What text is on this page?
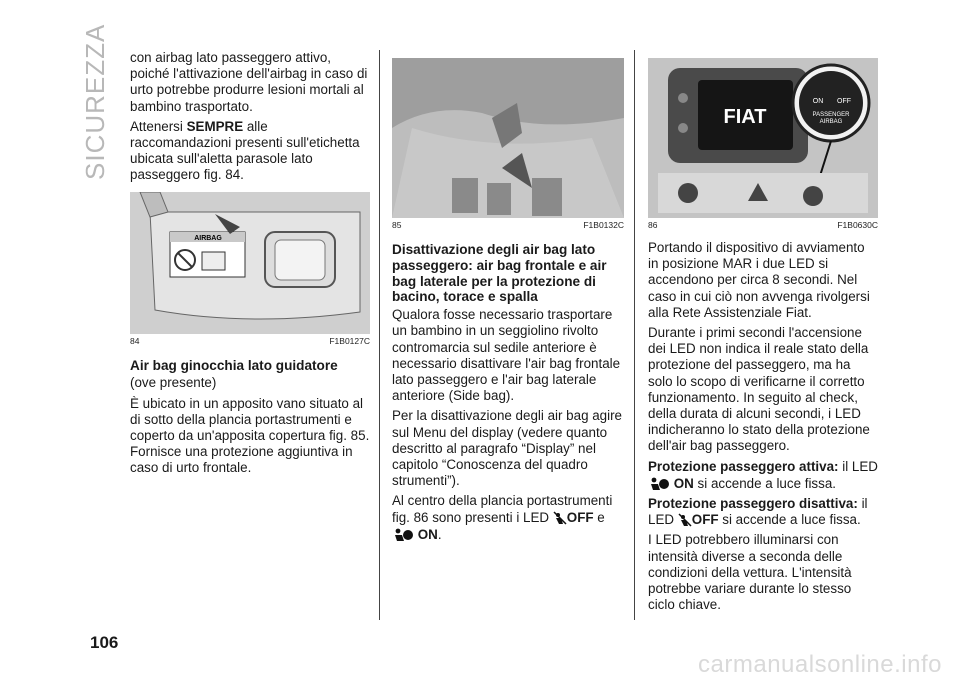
SICUREZZA con airbag lato passeggero attivo, poiché l'attivazione dell'airbag in caso di urto potrebbe produrre lesioni mortali al bambino trasportato.

Attenersi SEMPRE alle raccomandazioni presenti sull'etichetta ubicata sull'aletta parasole lato passeggero fig. 84.

AIRBAG
84	F1B0127C
Air bag ginocchia lato guidatore

(ove presente)

È ubicato in un apposito vano situato al di sotto della plancia portastrumenti e coperto da un'apposita copertura fig. 85. Fornisce una protezione aggiuntiva in caso di urto frontale.

85	F1B0132C
Disattivazione degli air bag lato passeggero: air bag frontale e air bag laterale per la protezione di bacino, torace e spalla

Qualora fosse necessario trasportare un bambino in un seggiolino rivolto contromarcia sul sedile anteriore è necessario disattivare l'air bag frontale lato passeggero e l'air bag laterale anteriore (Side bag).

Per la disattivazione degli air bag agire sul Menu del display (vedere quanto descritto al paragrafo “Display” nel capitolo “Conoscenza del quadro strumenti”).

Al centro della plancia portastrumenti fig. 86 sono presenti i LED OFF e
ON.

FIAT
ON OFF
PASSENGER
AIRBAG
86	F1B0630C

Portando il dispositivo di avviamento in posizione MAR i due LED si accendono per circa 8 secondi. Nel caso in cui ciò non avvenga rivolgersi alla Rete Assistenziale Fiat.

Durante i primi secondi l'accensione dei LED non indica il reale stato della protezione del passeggero, ma ha solo lo scopo di verificarne il corretto funzionamento. In seguito al check, della durata di alcuni secondi, i LED indicheranno lo stato della protezione dell'air bag passeggero.

Protezione passeggero attiva: il LED
ON si accende a luce fissa.

Protezione passeggero disattiva: il LED OFF si accende a luce fissa.

I LED potrebbero illuminarsi con intensità diverse a seconda delle condizioni della vettura. L'intensità potrebbe variare durante lo stesso ciclo chiave.

106
carmanualsonline.info
